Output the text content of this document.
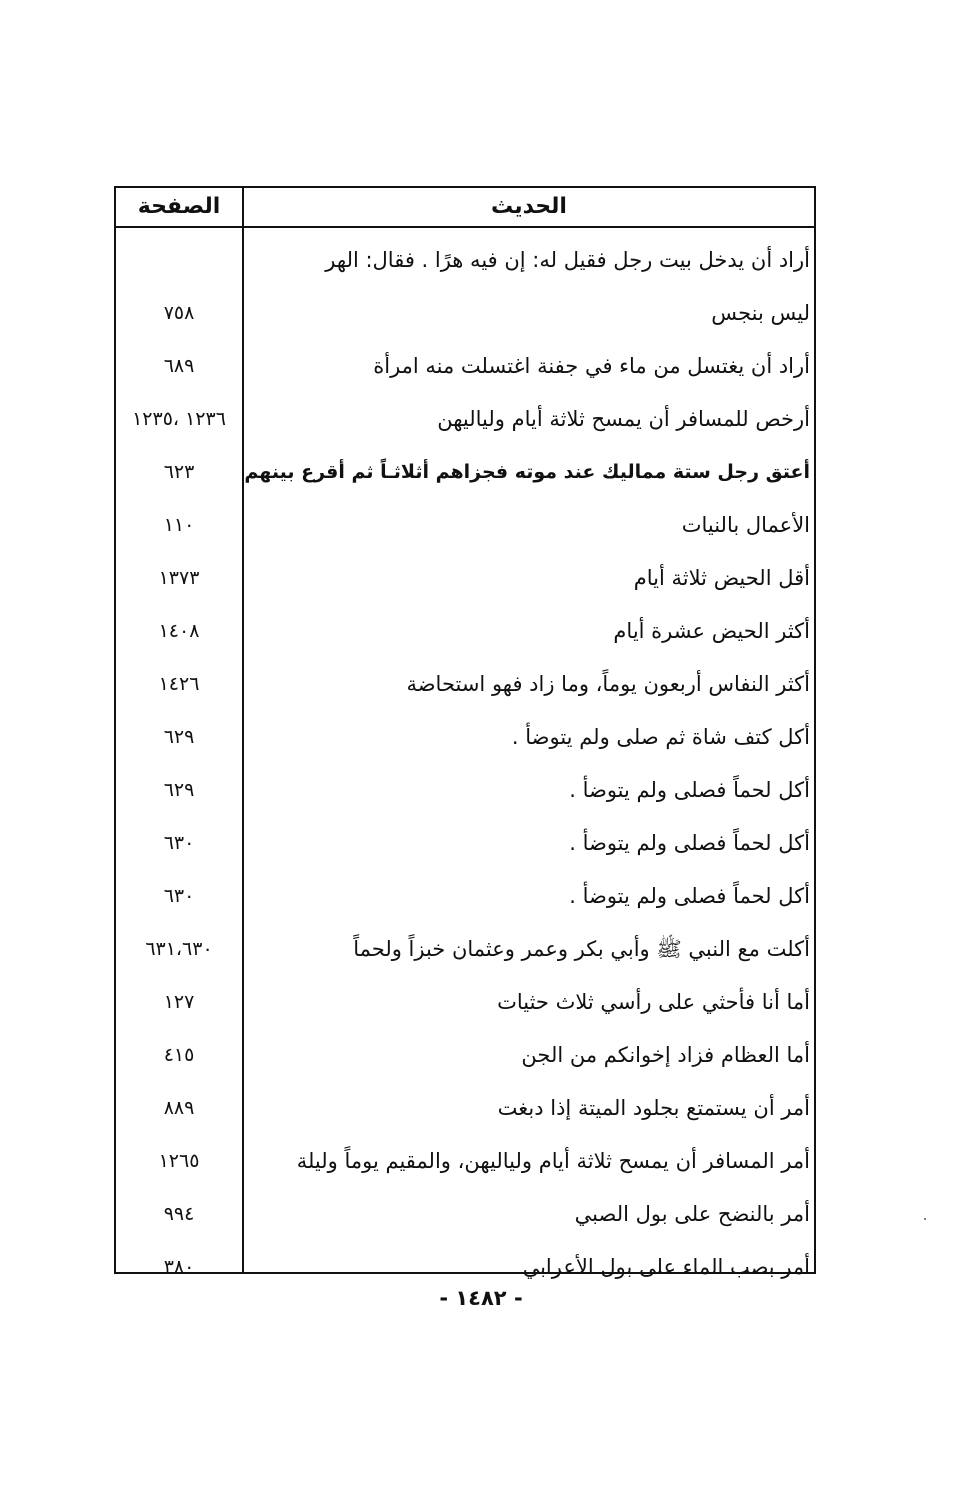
الحديث
الصفحة
أراد أن يدخل بيت رجل فقيل له: إن فيه هرًا . فقال: الهر
ليس بنجس
٧٥٨
أراد أن يغتسل من ماء في جفنة اغتسلت منه امرأة
٦٨٩
أرخص للمسافر أن يمسح ثلاثة أيام ولياليهن
١٢٣٦ ،١٢٣٥
أعتق رجل ستة مماليك عند موته فجزاهم أثلاثـاً ثم أقرع بينهم
٦٢٣
الأعمال بالنيات
١١٠
أقل الحيض ثلاثة أيام
١٣٧٣
أكثر الحيض عشرة أيام
١٤٠٨
أكثر النفاس أربعون يوماً، وما زاد فهو استحاضة
١٤٢٦
أكل كتف شاة ثم صلى ولم يتوضأ .
٦٢٩
أكل لحماً فصلى ولم يتوضأ .
٦٢٩
أكل لحماً فصلى ولم يتوضأ .
٦٣٠
أكل لحماً فصلى ولم يتوضأ .
٦٣٠
أكلت مع النبي ﷺ وأبي بكر وعمر وعثمان خبزاً ولحماً
٦٣١،٦٣٠
أما أنا فأحثي على رأسي ثلاث حثيات
١٢٧
أما العظام فزاد إخوانكم من الجن
٤١٥
أمر أن يستمتع بجلود الميتة إذا دبغت
٨٨٩
أمر المسافر أن يمسح ثلاثة أيام ولياليهن، والمقيم يوماً وليلة
١٢٦٥
أمر بالنضح على بول الصبي
٩٩٤
أمر بصب الماء على بول الأعرابي
٣٨٠
- ١٤٨٢ -
